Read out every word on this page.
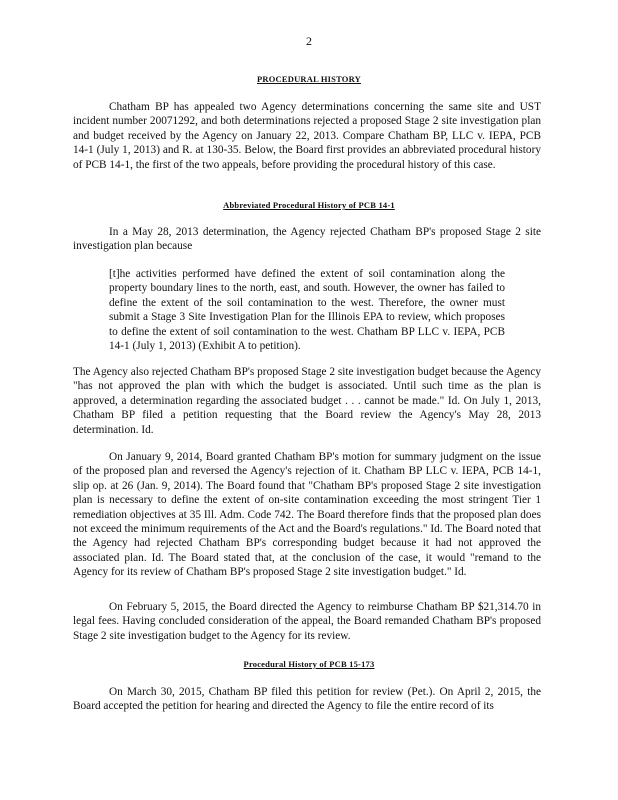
2
PROCEDURAL HISTORY
Chatham BP has appealed two Agency determinations concerning the same site and UST incident number 20071292, and both determinations rejected a proposed Stage 2 site investigation plan and budget received by the Agency on January 22, 2013. Compare Chatham BP, LLC v. IEPA, PCB 14-1 (July 1, 2013) and R. at 130-35. Below, the Board first provides an abbreviated procedural history of PCB 14-1, the first of the two appeals, before providing the procedural history of this case.
Abbreviated Procedural History of PCB 14-1
In a May 28, 2013 determination, the Agency rejected Chatham BP's proposed Stage 2 site investigation plan because
[t]he activities performed have defined the extent of soil contamination along the property boundary lines to the north, east, and south. However, the owner has failed to define the extent of the soil contamination to the west. Therefore, the owner must submit a Stage 3 Site Investigation Plan for the Illinois EPA to review, which proposes to define the extent of soil contamination to the west. Chatham BP LLC v. IEPA, PCB 14-1 (July 1, 2013) (Exhibit A to petition).
The Agency also rejected Chatham BP's proposed Stage 2 site investigation budget because the Agency "has not approved the plan with which the budget is associated. Until such time as the plan is approved, a determination regarding the associated budget . . . cannot be made." Id. On July 1, 2013, Chatham BP filed a petition requesting that the Board review the Agency's May 28, 2013 determination. Id.
On January 9, 2014, Board granted Chatham BP's motion for summary judgment on the issue of the proposed plan and reversed the Agency's rejection of it. Chatham BP LLC v. IEPA, PCB 14-1, slip op. at 26 (Jan. 9, 2014). The Board found that "Chatham BP's proposed Stage 2 site investigation plan is necessary to define the extent of on-site contamination exceeding the most stringent Tier 1 remediation objectives at 35 Ill. Adm. Code 742. The Board therefore finds that the proposed plan does not exceed the minimum requirements of the Act and the Board's regulations." Id. The Board noted that the Agency had rejected Chatham BP's corresponding budget because it had not approved the associated plan. Id. The Board stated that, at the conclusion of the case, it would "remand to the Agency for its review of Chatham BP's proposed Stage 2 site investigation budget." Id.
On February 5, 2015, the Board directed the Agency to reimburse Chatham BP $21,314.70 in legal fees. Having concluded consideration of the appeal, the Board remanded Chatham BP's proposed Stage 2 site investigation budget to the Agency for its review.
Procedural History of PCB 15-173
On March 30, 2015, Chatham BP filed this petition for review (Pet.). On April 2, 2015, the Board accepted the petition for hearing and directed the Agency to file the entire record of its
